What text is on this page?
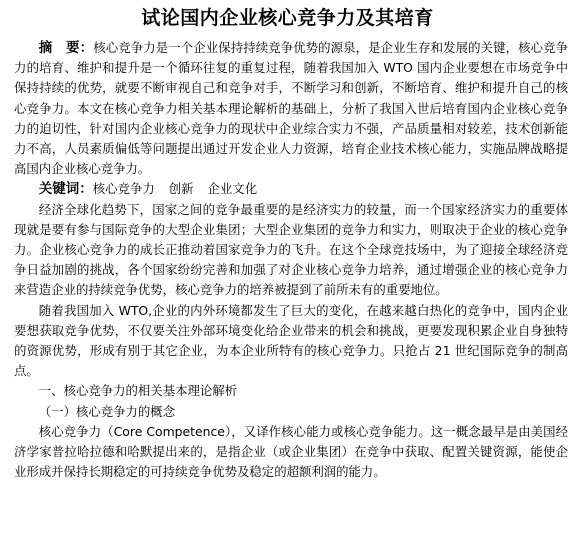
试论国内企业核心竞争力及其培育

摘　要：核心竞争力是一个企业保持持续竞争优势的源泉，是企业生存和发展的关键，核心竞争力的培育、维护和提升是一个循环往复的重复过程，随着我国加入 WTO 国内企业要想在市场竞争中保持持续的优势，就要不断审视自己和竞争对手，不断学习和创新，不断培育、维护和提升自己的核心竞争力。本文在核心竞争力相关基本理论解析的基础上，分析了我国入世后培育国内企业核心竞争力的迫切性，针对国内企业核心竞争力的现状中企业综合实力不强，产品质量相对较差，技术创新能力不高，人员素质偏低等问题提出通过开发企业人力资源，培育企业技术核心能力，实施品牌战略提高国内企业核心竞争力。

关键词：核心竞争力 创新 企业文化

经济全球化趋势下，国家之间的竞争最重要的是经济实力的较量，而一个国家经济实力的重要体现就是要有参与国际竞争的大型企业集团；大型企业集团的竞争力和实力，则取决于企业的核心竞争力。企业核心竞争力的成长正推动着国家竞争力的飞升。在这个全球竞技场中，为了迎接全球经济竞争日益加剧的挑战，各个国家纷纷完善和加强了对企业核心竞争力培养，通过增强企业的核心竞争力来营造企业的持续竞争优势，核心竞争力的培养被提到了前所未有的重要地位。

随着我国加入 WTO,企业的内外环境都发生了巨大的变化，在越来越白热化的竞争中，国内企业要想获取竞争优势，不仅要关注外部环境变化给企业带来的机会和挑战，更要发现积累企业自身独特的资源优势，形成有别于其它企业，为本企业所特有的核心竞争力。只抢占 21 世纪国际竞争的制高点。

一、核心竞争力的相关基本理论解析

（一）核心竞争力的概念

核心竞争力（Core Competence），又译作核心能力或核心竞争能力。这一概念最早是由美国经济学家普拉哈拉德和哈默提出来的，是指企业（或企业集团）在竞争中获取、配置关键资源，能使企业形成并保持长期稳定的可持续竞争优势及稳定的超额利润的能力。
